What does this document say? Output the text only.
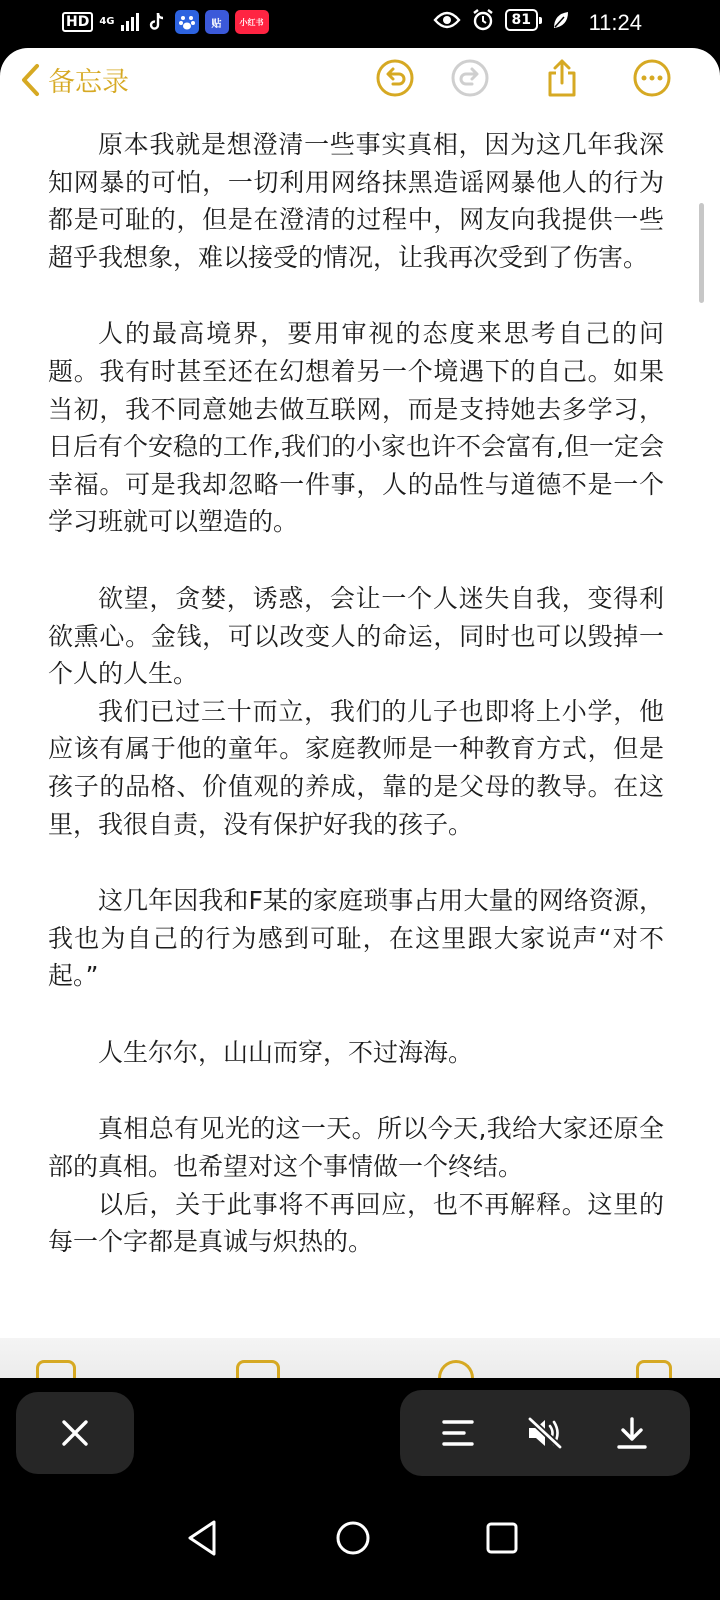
HD	4G	贴	小红书	81	11:24
备忘录

原本我就是想澄清一些事实真相，因为这几年我深知网暴的可怕，一切利用网络抹黑造谣网暴他人的行为都是可耻的，但是在澄清的过程中，网友向我提供一些超乎我想象，难以接受的情况，让我再次受到了伤害。

人的最高境界，要用审视的态度来思考自己的问题。我有时甚至还在幻想着另一个境遇下的自己。如果当初，我不同意她去做互联网，而是支持她去多学习，日后有个安稳的工作,我们的小家也许不会富有,但一定会幸福。可是我却忽略一件事，人的品性与道德不是一个学习班就可以塑造的。

欲望，贪婪，诱惑，会让一个人迷失自我，变得利欲熏心。金钱，可以改变人的命运，同时也可以毁掉一个人的人生。

我们已过三十而立，我们的儿子也即将上小学，他应该有属于他的童年。家庭教师是一种教育方式，但是孩子的品格、价值观的养成，靠的是父母的教导。在这里，我很自责，没有保护好我的孩子。

这几年因我和F某的家庭琐事占用大量的网络资源，我也为自己的行为感到可耻，在这里跟大家说声“对不起。”

人生尔尔，山山而穿，不过海海。

真相总有见光的这一天。所以今天,我给大家还原全部的真相。也希望对这个事情做一个终结。

以后，关于此事将不再回应，也不再解释。这里的每一个字都是真诚与炽热的。
